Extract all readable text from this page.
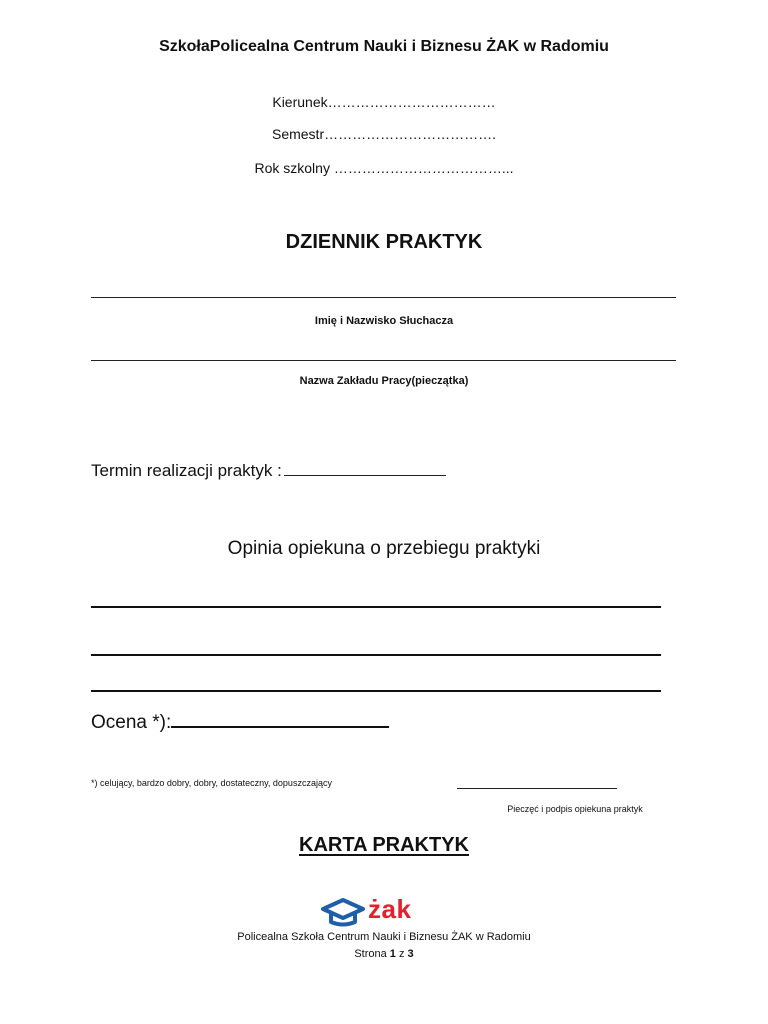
SzkołaPolicealna Centrum Nauki i Biznesu ŻAK w Radomiu
Kierunek………………………………
Semestr……………………………….
Rok szkolny ………………………………...
DZIENNIK PRAKTYK
Imię i Nazwisko Słuchacza
Nazwa Zakładu Pracy(pieczątka)
Termin realizacji praktyk :
Opinia opiekuna o przebiegu praktyki
Ocena *):
*) celujący, bardzo dobry, dobry, dostateczny, dopuszczający
Pieczęć i podpis opiekuna praktyk
KARTA PRAKTYK
żak
Policealna Szkoła Centrum Nauki i Biznesu ŻAK w Radomiu
Strona 1 z 3
